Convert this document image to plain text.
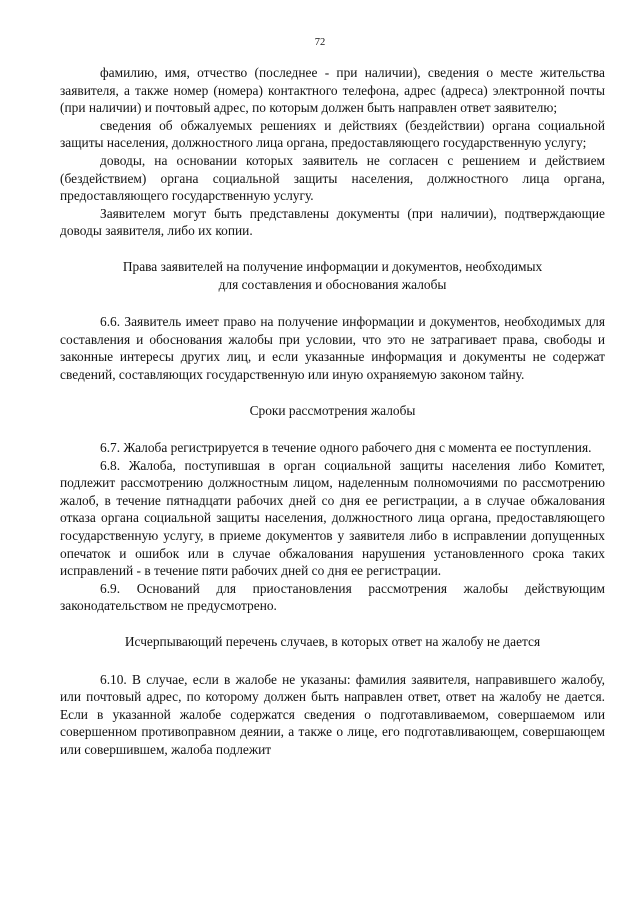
72

фамилию, имя, отчество (последнее - при наличии), сведения о месте жительства заявителя, а также номер (номера) контактного телефона, адрес (адреса) электронной почты (при наличии) и почтовый адрес, по которым должен быть направлен ответ заявителю;

сведения об обжалуемых решениях и действиях (бездействии) органа социальной защиты населения, должностного лица органа, предоставляющего государственную услугу;

доводы, на основании которых заявитель не согласен с решением и действием (бездействием) органа социальной защиты населения, должностного лица органа, предоставляющего государственную услугу.

Заявителем могут быть представлены документы (при наличии), подтверждающие доводы заявителя, либо их копии.

Права заявителей на получение информации и документов, необходимых
для составления и обоснования жалобы

6.6. Заявитель имеет право на получение информации и документов, необходимых для составления и обоснования жалобы при условии, что это не затрагивает права, свободы и законные интересы других лиц, и если указанные информация и документы не содержат сведений, составляющих государственную или иную охраняемую законом тайну.

Сроки рассмотрения жалобы

6.7. Жалоба регистрируется в течение одного рабочего дня с момента ее поступления.

6.8. Жалоба, поступившая в орган социальной защиты населения либо Комитет, подлежит рассмотрению должностным лицом, наделенным полномочиями по рассмотрению жалоб, в течение пятнадцати рабочих дней со дня ее регистрации, а в случае обжалования отказа органа социальной защиты населения, должностного лица органа, предоставляющего государственную услугу, в приеме документов у заявителя либо в исправлении допущенных опечаток и ошибок или в случае обжалования нарушения установленного срока таких исправлений - в течение пяти рабочих дней со дня ее регистрации.

6.9. Оснований для приостановления рассмотрения жалобы действующим законодательством не предусмотрено.

Исчерпывающий перечень случаев, в которых ответ на жалобу не дается

6.10. В случае, если в жалобе не указаны: фамилия заявителя, направившего жалобу, или почтовый адрес, по которому должен быть направлен ответ, ответ на жалобу не дается. Если в указанной жалобе содержатся сведения о подготавливаемом, совершаемом или совершенном противоправном деянии, а также о лице, его подготавливающем, совершающем или совершившем, жалоба подлежит
